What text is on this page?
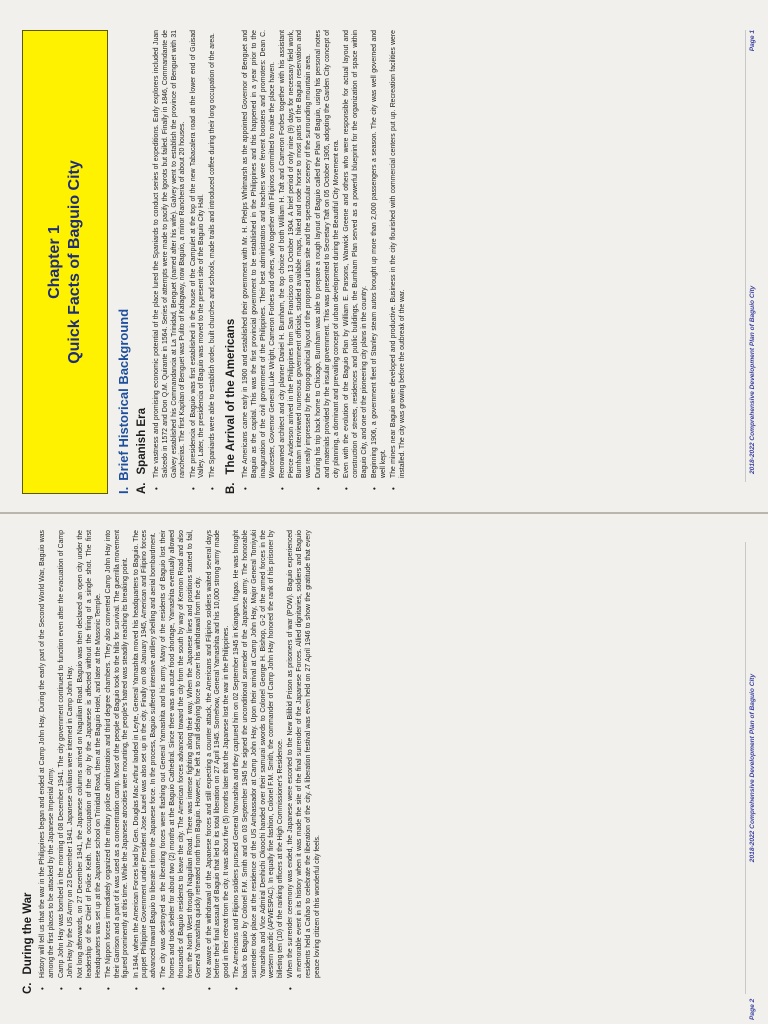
C.During the War • History will tell us that the war in the Philippines began and ended at Camp John Hay. During the early part of the Second World War, Baguio was among the first places to be attacked by the Japanese Imperial Army. • Camp John Hay was bombed in the morning of 08 December 1941. The city government continued to function even after the evacuation of Camp John Hay by the US Army on 23 December 1941. Japanese civilians were interned in Camp John Hay. • Not long afterwards, on 27 December 1941, the Japanese columns arrived on Naguilian Road. Baguio was then declared an open city under the leadership of the Chief of Police Keith. The occupation of the city by the Japanese is affected without the firing of a single shot. The first Headquarters was set up at the Japanese school on Trinidad Road, then at the Baguio Hotel, and later at the Masonic Temple. • The Nippon forces immediately organized the military police administration and third degree chambers. They also converted Camp John Hay into their Garrison and a part of it was used as a concentration camp. Most of the people of Baguio took to the hills for survival. The guerrilla movement figured prominently at this time. While the Japanese atrocities were mounting, the people's hatred was steadily reaching its breaking point. • In 1944, when the American Forces lead by Gen. Douglas Mac Arthur landed in Leyte, General Yamashita moved his headquarters to Baguio. The puppet Philippine Government under President Jose Laurel was also set up in the city. Finally on 08 January 1945, American and Filipino forces advanced toward Baguio to liberate it from the Japanese force. In the process, Baguio suffered intensive artillery shelling and aerial bombardment. • The city was destroyed as the liberating forces were flashing out General Yamashita and his army. Many of the residents of Baguio lost their homes and took shelter for about two (2) months at the Baguio Cathedral. Since there was an acute food shortage, Yamashita eventually allowed thousands of Baguio residents to leave the city. The American forces advanced toward the city from the south by way of Kennon Road and also from the North West through Naguilian Road. There was intense fighting along their way. When the Japanese lines and positions started to fail, General Yamashita quickly retreated north from Baguio. However, he left a small delaying force to cover his withdrawal from the city. • Not aware of the withdrawal of the Japanese forces and still expecting a counter attack, the Americans and Filipino soldiers waited several days before their final assault of Baguio that led to its total liberation on 27 April 1945. Somehow, General Yamashita and his 10,000 strong army made good in their retreat from the city. It was about five (5) months later that the Japanese lost the war in the Philippines. • The Americans and Filipino soldiers pursued General Yamashita and they captured him on 02 September 1945 in Kiangan, Ifugao. He was brought back to Baguio by Colonel F.M. Smith and on 03 September 1945 he signed the unconditional surrender of the Japanese army. The honorable surrender took place at the residence of the US Ambassador at Camp John Hay. Upon their arrival at Camp John Hay, Major General Tomiyuki Yamashita and Vice Admiral Denhichi Okoochi handed over their samurai swords to Colonel George H. Bishop, G-2 of the armed forces in the western pacific (AFWESPAC). In equally fine fashion, Colonel F.M. Smith, the commander of Camp John Hay honored the rank of his prisoner by billeting ten (10) of the ranking officers at the High Commissioner's Residence. • When the surrender ceremony was ended, the Japanese were escorted to the New Bilibid Prison as prisoners of war (POW). Baguio experienced a memorable event in its history when it was made the site of the final surrender of the Japanese Forces. Allied dignitaries, soldiers and Baguio residents held a Cañao to celebrate the liberation of the city. A liberation festival was even held on 27 April 1946 to show the gratitude that every peace loving citizen of this wonderful city feels.
Page 2
2018-2022 Comprehensive Development Plan of Baguio City
Chapter 1 Quick Facts of Baguio City
I.Brief Historical Background
A.Spanish Era • The vastness and promising economic potential of the place lured the Spaniards to conduct series of expeditions. Early explorers included Juan Salcedo in 1572 and Don Q.M. Quirante in 1564. Series of attempts were made to pacify the Igorots but failed. Finally in 1846, Commandante de Galvey established his Commandancia at La Trinidad, Benguet (named after his wife). Galvey went to establish the province of Benguet with 31 rancherias. The first Kapitan of Benguet was Pulito of Kafagway, now Baguio, a minor Rancheria of about 20 houses. • The presidencia of Baguio was first established in the house of the Campulet at the top of the new Tabacalera road at the lower end of Guisad Valley. Later, the presidencia of Baguio was moved to the present site of the Baguio City Hall. • The Spaniards were able to establish order, built churches and schools, made trails and introduced coffee during their long occupation of the area.
B.The Arrival of the Americans • The Americans came early in 1900 and established their government with Mr. H. Phelps Whitmarsh as the appointed Governor of Benguet and Baguio as the capital. This was the first provincial government to be established in the Philippines and this happened in a year prior to the inauguration of the civil government of the Philippines. Their best administrators and teachers were fervent boosters and promoters: Dean C. Worcester, Governor General Luke Wright, Cameron Forbes and others, who together with Filipinos committed to make the place haven. • Renowned architect and city planner Daniel H. Burnham, the top choice of both William H. Taft and Cameron Forbes together with his assistant Pierce Anderson arrived in the Philippines from San Francisco on 13 October 1904. A brief period of only nine (9) days for necessary field work, Burnham interviewed numerous government officials, studied available maps, hiked and rode horse to most parts of the Baguio reservation and was really impressed by the topographical layout of the proposed urban site and the spectacular scenery of the surrounding mountain area. • During his trip back home to Chicago, Burnham was able to prepare a rough layout of Baguio called the Plan of Baguio, using his personal notes and materials provided by the insular government. This was presented to Secretary Taft on 05 October 1905, adopting the Garden City concept of city planning, a dominant and prevailing concept of urban development during the Beautiful City Movement era. • Even with the evolution of the Baguio Plan by William E. Parsons, Warwick Greene and others who were responsible for actual layout and construction of streets, residences and public buildings, the Burnham Plan served as a powerful blueprint for the organization of space within Baguio City, and one of the pioneering city plans in the country. • Beginning 1906, a government fleet of Stanley steam autos brought up more than 2,000 passengers a season. The city was well governed and well kept. • The mines near Baguio were developed and productive. Business in the city flourished with commercial centers put up. Recreation facilities were installed. The city was growing before the outbreak of the war.	2018-2022 Comprehensive Development Plan of Baguio City
Page 1
